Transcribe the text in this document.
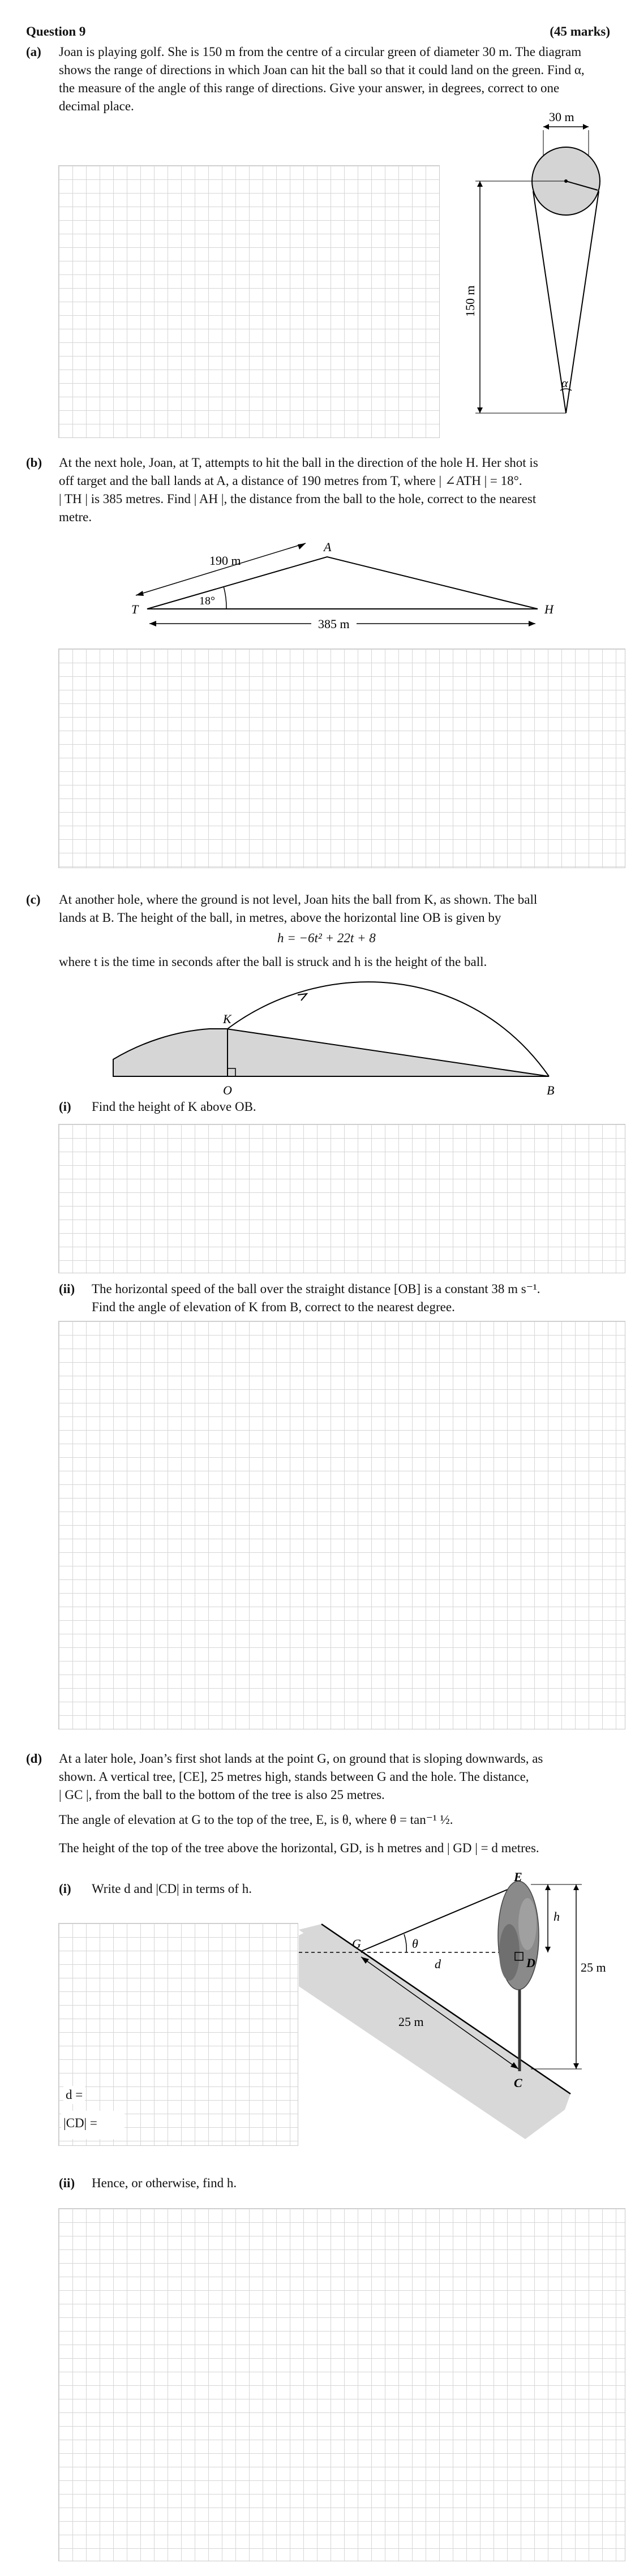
Question 9	(45 marks)
(a) Joan is playing golf. She is 150 m from the centre of a circular green of diameter 30 m. The diagram shows the range of directions in which Joan can hit the ball so that it could land on the green. Find α, the measure of the angle of this range of directions. Give your answer, in degrees, correct to one decimal place.
30 m
α
150 m
(b) At the next hole, Joan, at T, attempts to hit the ball in the direction of the hole H. Her shot is
off target and the ball lands at A, a distance of 190 metres from T, where | ∠ATH | = 18°.
| TH | is 385 metres. Find | AH |, the distance from the ball to the hole, correct to the nearest
metre.
190 m
18°
385 m
T
A
H
(c) At another hole, where the ground is not level, Joan hits the ball from K, as shown. The ball
lands at B. The height of the ball, in metres, above the horizontal line OB is given by
h = −6t² + 22t + 8
where t is the time in seconds after the ball is struck and h is the height of the ball.
K
O	B
(i) Find the height of K above OB.
(ii) The horizontal speed of the ball over the straight distance [OB] is a constant 38 m s⁻¹.
Find the angle of elevation of K from B, correct to the nearest degree.
(d) At a later hole, Joan’s first shot lands at the point G, on ground that is sloping downwards, as
shown. A vertical tree, [CE], 25 metres high, stands between G and the hole. The distance,
| GC |, from the ball to the bottom of the tree is also 25 metres.
The angle of elevation at G to the top of the tree, E, is θ, where θ = tan⁻¹ ½.
The height of the top of the tree above the horizontal, GD, is h metres and | GD | = d metres.
(i) Write d and |CD| in terms of h.
d =
|CD| =
E
G
D
C
θ
d
h
25 m
25 m
(ii) Hence, or otherwise, find h.
